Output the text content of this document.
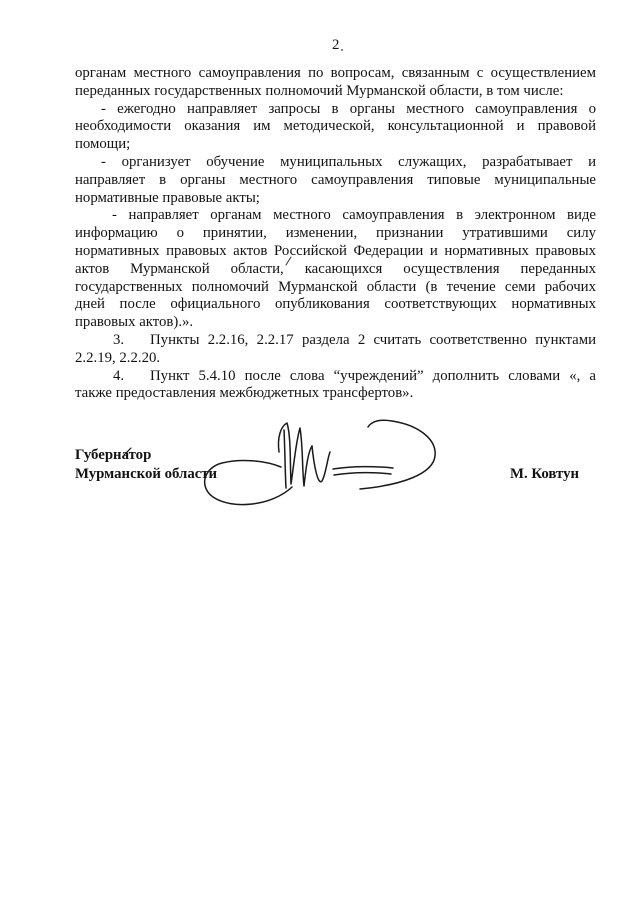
2
органам местного самоуправления по вопросам, связанным с осуществлением
переданных государственных полномочий Мурманской области, в том числе:
- ежегодно направляет запросы в органы местного самоуправления о
необходимости оказания им методической, консультационной и правовой
помощи;
- организует обучение муниципальных служащих, разрабатывает и
направляет в органы местного самоуправления типовые муниципальные
нормативные правовые акты;
- направляет органам местного самоуправления в электронном виде
информацию о принятии, изменении, признании утратившими силу
нормативных правовых актов Российской Федерации и нормативных правовых
актов Мурманской области, касающихся осуществления переданных
государственных полномочий Мурманской области (в течение семи рабочих
дней после официального опубликования соответствующих нормативных
правовых актов).».
3.	Пункты 2.2.16, 2.2.17 раздела 2 считать соответственно пунктами
2.2.19, 2.2.20.
4.	Пункт 5.4.10 после слова “учреждений” дополнить словами «, а
также предоставления межбюджетных трансфертов».
Губернатор
Мурманской области	М. Ковтун
